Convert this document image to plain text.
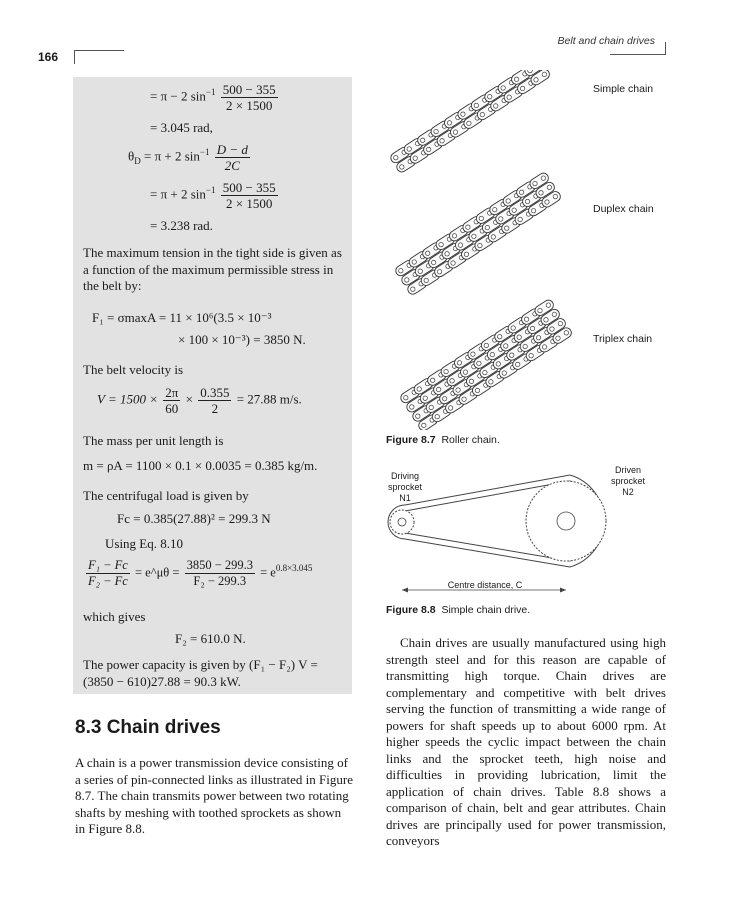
166
Belt and chain drives
= π − 2 $\sin^{-1} \frac{500 - 355}{2 \times 1500}$
= 3.045 rad,
$\theta_D = \pi + 2$ $\sin^{-1} \frac{D - d}{2C}$
= π + 2 $\sin^{-1} \frac{500 - 355}{2 \times 1500}$
= 3.238 rad.
The maximum tension in the tight side is given as a function of the maximum permissible stress in the belt by:
F₁ = σmaxA = 11 × 10⁶(3.5 × 10⁻³
× 100 × 10⁻³) = 3850 N.
The belt velocity is
$V = 1500 \times \frac{2\pi}{60} \times \frac{0.355}{2} = 27.88$ m/s.
The mass per unit length is
m = ρA = 1100 × 0.1 × 0.0035 = 0.385 kg/m.
The centrifugal load is given by
Fc = 0.385(27.88)² = 299.3 N
Using Eq. 8.10
$\frac{\text{F₁ − Fc}}{\text{F₂ − Fc}}$ = e^μθ = $\frac{3850 - 299.3}{\text{F₂ − 299.3}} = e^{0.8\times 3.045}$
which gives
F₂ = 610.0 N.
The power capacity is given by (F₁ − F₂) V = (3850 − 610)27.88 = 90.3 kW.
8.3 Chain drives
A chain is a power transmission device consisting of a series of pin-connected links as illustrated in Figure 8.7. The chain transmits power between two rotating shafts by meshing with toothed sprockets as shown in Figure 8.8.
Simple chain
Duplex chain
Triplex chain
Figure 8.7 Roller chain.
Driving sprocket N1
Driven sprocket N2
Centre distance, C
Figure 8.8 Simple chain drive.
Chain drives are usually manufactured using high strength steel and for this reason are capable of transmitting high torque. Chain drives are complementary and competitive with belt drives serving the function of transmitting a wide range of powers for shaft speeds up to about 6000 rpm. At higher speeds the cyclic impact between the chain links and the sprocket teeth, high noise and difficulties in providing lubrication, limit the application of chain drives. Table 8.8 shows a comparison of chain, belt and gear attributes. Chain drives are principally used for power transmission, conveyors
